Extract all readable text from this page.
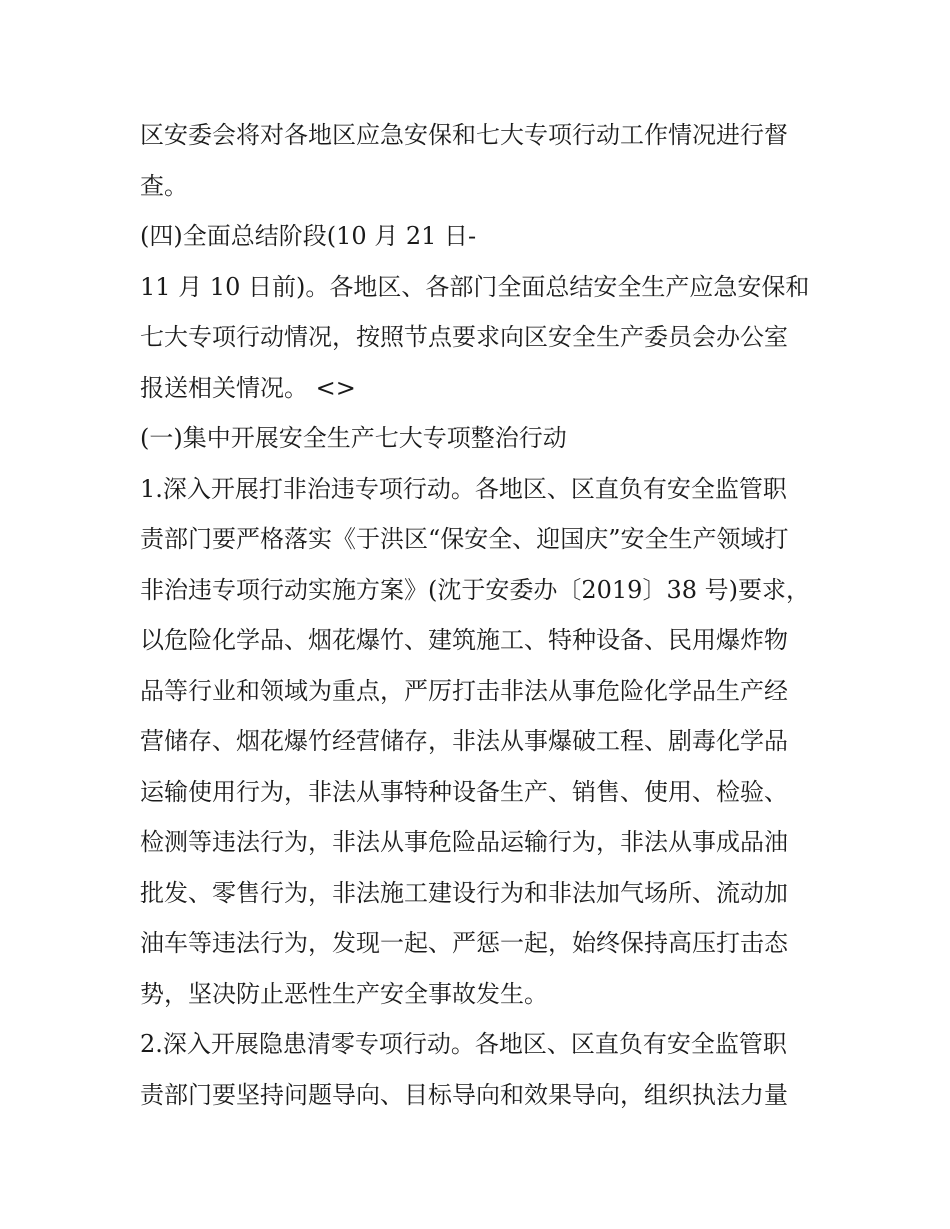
区安委会将对各地区应急安保和七大专项行动工作情况进行督
查。
(四)全面总结阶段(10 月 21 日-
11 月 10 日前)。各地区、各部门全面总结安全生产应急安保和
七大专项行动情况，按照节点要求向区安全生产委员会办公室
报送相关情况。 <>
(一)集中开展安全生产七大专项整治行动
1.深入开展打非治违专项行动。各地区、区直负有安全监管职
责部门要严格落实《于洪区“保安全、迎国庆”安全生产领域打
非治违专项行动实施方案》(沈于安委办〔2019〕38 号)要求，
以危险化学品、烟花爆竹、建筑施工、特种设备、民用爆炸物
品等行业和领域为重点，严厉打击非法从事危险化学品生产经
营储存、烟花爆竹经营储存，非法从事爆破工程、剧毒化学品
运输使用行为，非法从事特种设备生产、销售、使用、检验、
检测等违法行为，非法从事危险品运输行为，非法从事成品油
批发、零售行为，非法施工建设行为和非法加气场所、流动加
油车等违法行为，发现一起、严惩一起，始终保持高压打击态
势，坚决防止恶性生产安全事故发生。
2.深入开展隐患清零专项行动。各地区、区直负有安全监管职
责部门要坚持问题导向、目标导向和效果导向，组织执法力量
